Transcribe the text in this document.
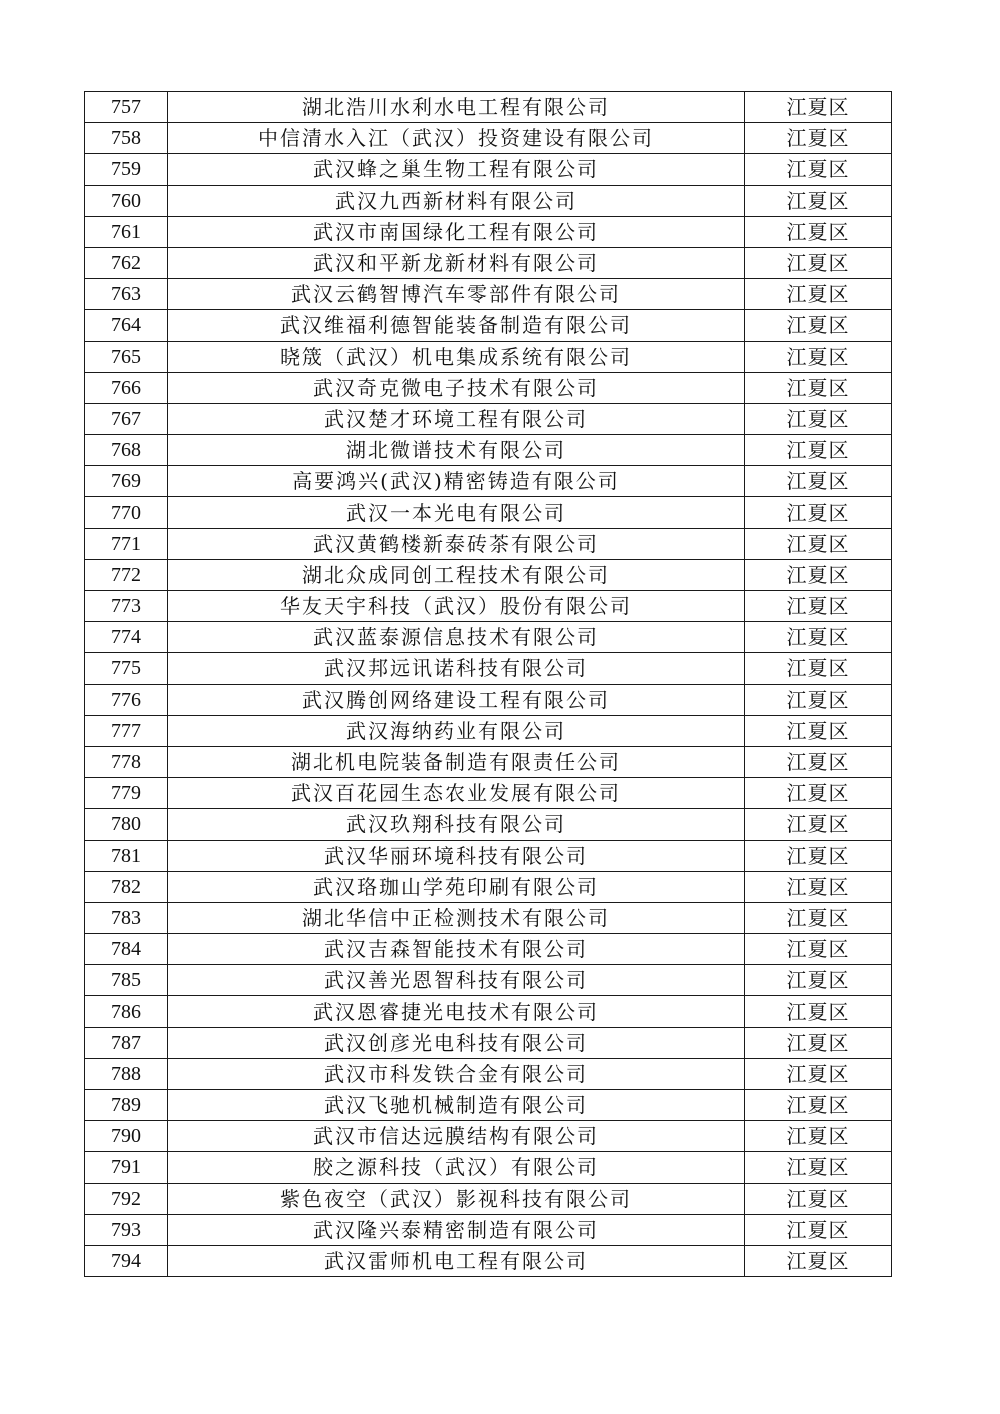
757	湖北浩川水利水电工程有限公司	江夏区
758	中信清水入江（武汉）投资建设有限公司	江夏区
759	武汉蜂之巢生物工程有限公司	江夏区
760	武汉九西新材料有限公司	江夏区
761	武汉市南国绿化工程有限公司	江夏区
762	武汉和平新龙新材料有限公司	江夏区
763	武汉云鹤智博汽车零部件有限公司	江夏区
764	武汉维福利德智能装备制造有限公司	江夏区
765	晓筬（武汉）机电集成系统有限公司	江夏区
766	武汉奇克微电子技术有限公司	江夏区
767	武汉楚才环境工程有限公司	江夏区
768	湖北微谱技术有限公司	江夏区
769	高要鸿兴(武汉)精密铸造有限公司	江夏区
770	武汉一本光电有限公司	江夏区
771	武汉黄鹤楼新泰砖茶有限公司	江夏区
772	湖北众成同创工程技术有限公司	江夏区
773	华友天宇科技（武汉）股份有限公司	江夏区
774	武汉蓝泰源信息技术有限公司	江夏区
775	武汉邦远讯诺科技有限公司	江夏区
776	武汉腾创网络建设工程有限公司	江夏区
777	武汉海纳药业有限公司	江夏区
778	湖北机电院装备制造有限责任公司	江夏区
779	武汉百花园生态农业发展有限公司	江夏区
780	武汉玖翔科技有限公司	江夏区
781	武汉华丽环境科技有限公司	江夏区
782	武汉珞珈山学苑印刷有限公司	江夏区
783	湖北华信中正检测技术有限公司	江夏区
784	武汉吉森智能技术有限公司	江夏区
785	武汉善光恩智科技有限公司	江夏区
786	武汉恩睿捷光电技术有限公司	江夏区
787	武汉创彦光电科技有限公司	江夏区
788	武汉市科发铁合金有限公司	江夏区
789	武汉飞驰机械制造有限公司	江夏区
790	武汉市信达远膜结构有限公司	江夏区
791	胶之源科技（武汉）有限公司	江夏区
792	紫色夜空（武汉）影视科技有限公司	江夏区
793	武汉隆兴泰精密制造有限公司	江夏区
794	武汉雷师机电工程有限公司	江夏区
